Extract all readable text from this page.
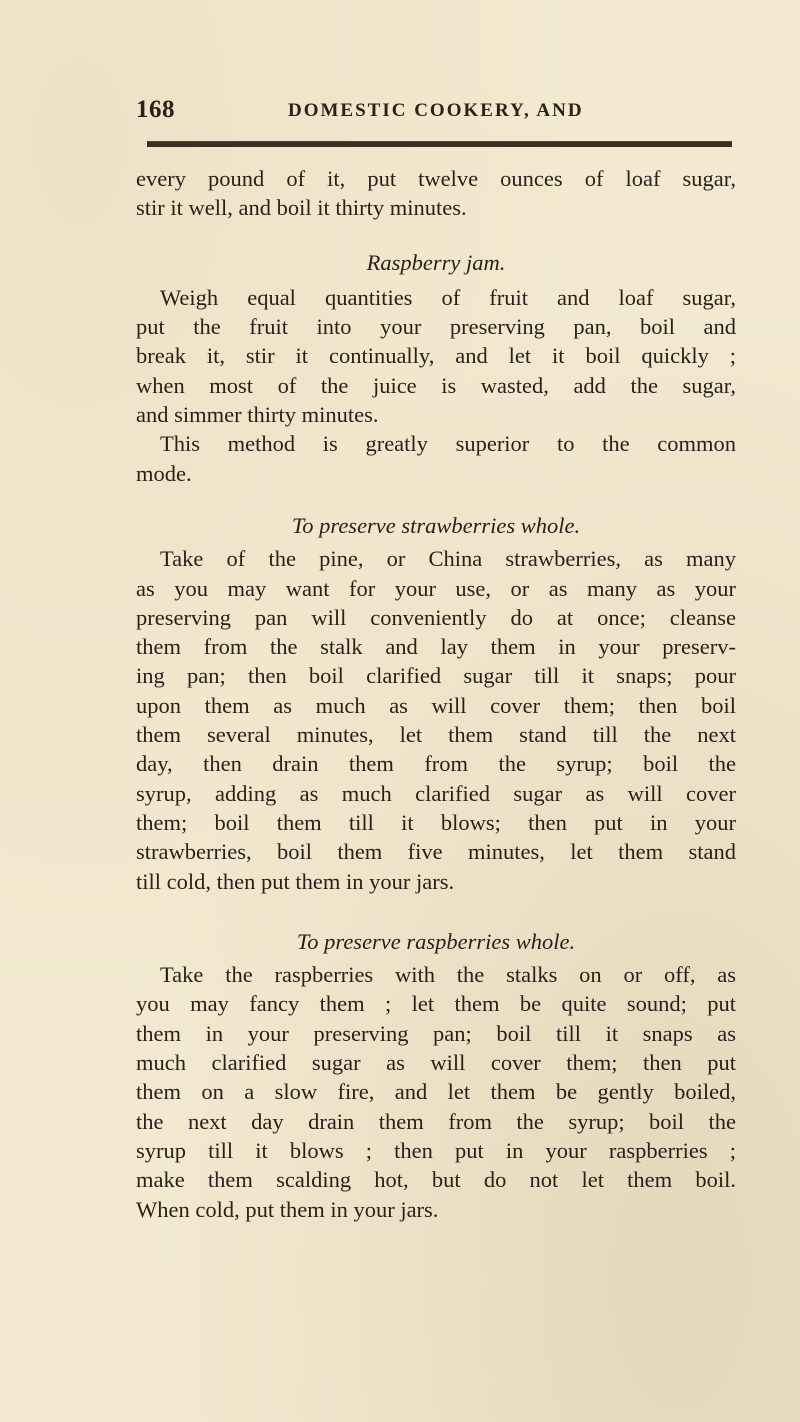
168	DOMESTIC COOKERY, AND
every pound of it, put twelve ounces of loaf sugar,
stir it well, and boil it thirty minutes.
Raspberry jam.
Weigh equal quantities of fruit and loaf sugar,
put the fruit into your preserving pan, boil and
break it, stir it continually, and let it boil quickly ;
when most of the juice is wasted, add the sugar,
and simmer thirty minutes.
This method is greatly superior to the common
mode.
To preserve strawberries whole.
Take of the pine, or China strawberries, as many
as you may want for your use, or as many as your
preserving pan will conveniently do at once; cleanse
them from the stalk and lay them in your preserv-
ing pan; then boil clarified sugar till it snaps; pour
upon them as much as will cover them; then boil
them several minutes, let them stand till the next
day, then drain them from the syrup; boil the
syrup, adding as much clarified sugar as will cover
them; boil them till it blows; then put in your
strawberries, boil them five minutes, let them stand
till cold, then put them in your jars.
To preserve raspberries whole.
Take the raspberries with the stalks on or off, as
you may fancy them ; let them be quite sound; put
them in your preserving pan; boil till it snaps as
much clarified sugar as will cover them; then put
them on a slow fire, and let them be gently boiled,
the next day drain them from the syrup; boil the
syrup till it blows ; then put in your raspberries ;
make them scalding hot, but do not let them boil.
When cold, put them in your jars.
